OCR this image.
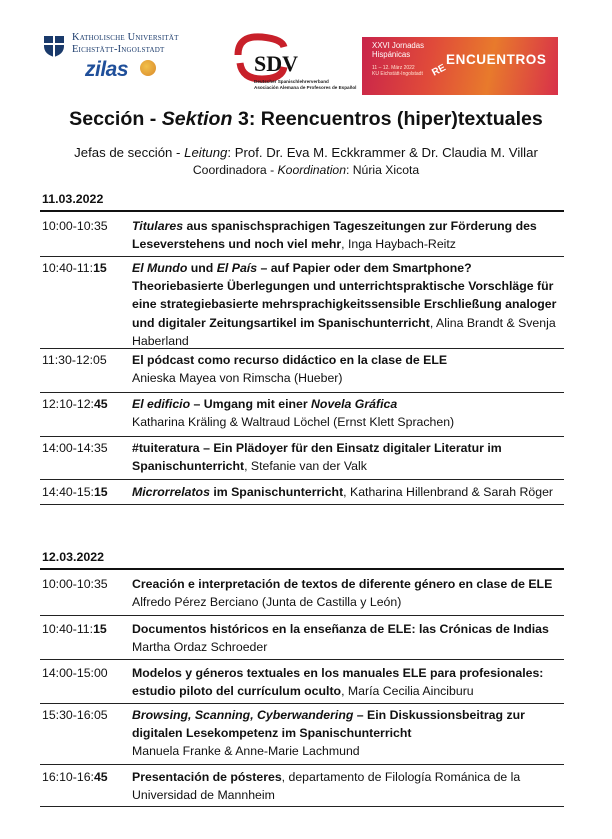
Katholische Universität
Eichstätt-Ingolstadt
zilas	SDV
Deutscher Spanischlehrerverband
Asociación Alemana de Profesores de Español
XXVI Jornadas
Hispánicas
11 – 12. März 2022
KU Eichstätt-Ingolstadt RE
ENCUENTROS
Sección - Sektion 3: Reencuentros (hiper)textuales
Jefas de sección - Leitung: Prof. Dr. Eva M. Eckkrammer & Dr. Claudia M. Villar
Coordinadora - Koordination: Núria Xicota
11.03.2022
10:00-10:35	Titulares aus spanischsprachigen Tageszeitungen zur Förderung des Leseverstehens und noch viel mehr, Inga Haybach-Reitz
10:40-11:15	El Mundo und El País – auf Papier oder dem Smartphone? Theoriebasierte Überlegungen und unterrichtspraktische Vorschläge für eine strategiebasierte mehrsprachigkeitssensible Erschließung analoger und digitaler Zeitungsartikel im Spanischunterricht, Alina Brandt & Svenja Haberland
11:30-12:05	El pódcast como recurso didáctico en la clase de ELE
Anieska Mayea von Rimscha (Hueber)
12:10-12:45	El edificio – Umgang mit einer Novela Gráfica
Katharina Kräling & Waltraud Löchel (Ernst Klett Sprachen)
14:00-14:35	#tuiteratura – Ein Plädoyer für den Einsatz digitaler Literatur im Spanischunterricht, Stefanie van der Valk
14:40-15:15	Microrrelatos im Spanischunterricht, Katharina Hillenbrand & Sarah Röger
12.03.2022
10:00-10:35	Creación e interpretación de textos de diferente género en clase de ELE
Alfredo Pérez Berciano (Junta de Castilla y León)
10:40-11:15	Documentos históricos en la enseñanza de ELE: las Crónicas de Indias
Martha Ordaz Schroeder
14:00-15:00	Modelos y géneros textuales en los manuales ELE para profesionales: estudio piloto del currículum oculto, María Cecilia Ainciburu
15:30-16:05	Browsing, Scanning, Cyberwandering – Ein Diskussionsbeitrag zur digitalen Lesekompetenz im Spanischunterricht
Manuela Franke & Anne-Marie Lachmund
16:10-16:45	Presentación de pósteres, departamento de Filología Románica de la Universidad de Mannheim
